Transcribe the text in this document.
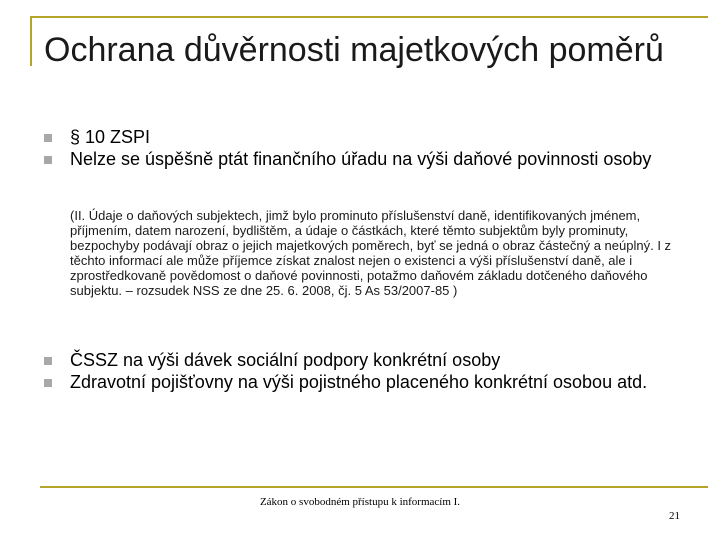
Ochrana důvěrnosti majetkových poměrů
§ 10 ZSPI
Nelze se úspěšně ptát finančního úřadu na výši daňové povinnosti osoby
(II. Údaje o daňových subjektech, jimž bylo prominuto příslušenství daně, identifikovaných jménem, příjmením, datem narození, bydlištěm, a údaje o částkách, které těmto subjektům byly prominuty, bezpochyby podávají obraz o jejich majetkových poměrech, byť se jedná o obraz částečný a neúplný. I z těchto informací ale může příjemce získat znalost nejen o existenci a výši příslušenství daně, ale i zprostředkovaně povědomost o daňové povinnosti, potažmo daňovém základu dotčeného daňového subjektu. – rozsudek NSS ze dne 25. 6. 2008, čj. 5 As 53/2007-85 )
ČSSZ na výši dávek sociální podpory konkrétní osoby
Zdravotní pojišťovny na výši pojistného placeného konkrétní osobou atd.
Zákon o svobodném přístupu k informacím I.
21
